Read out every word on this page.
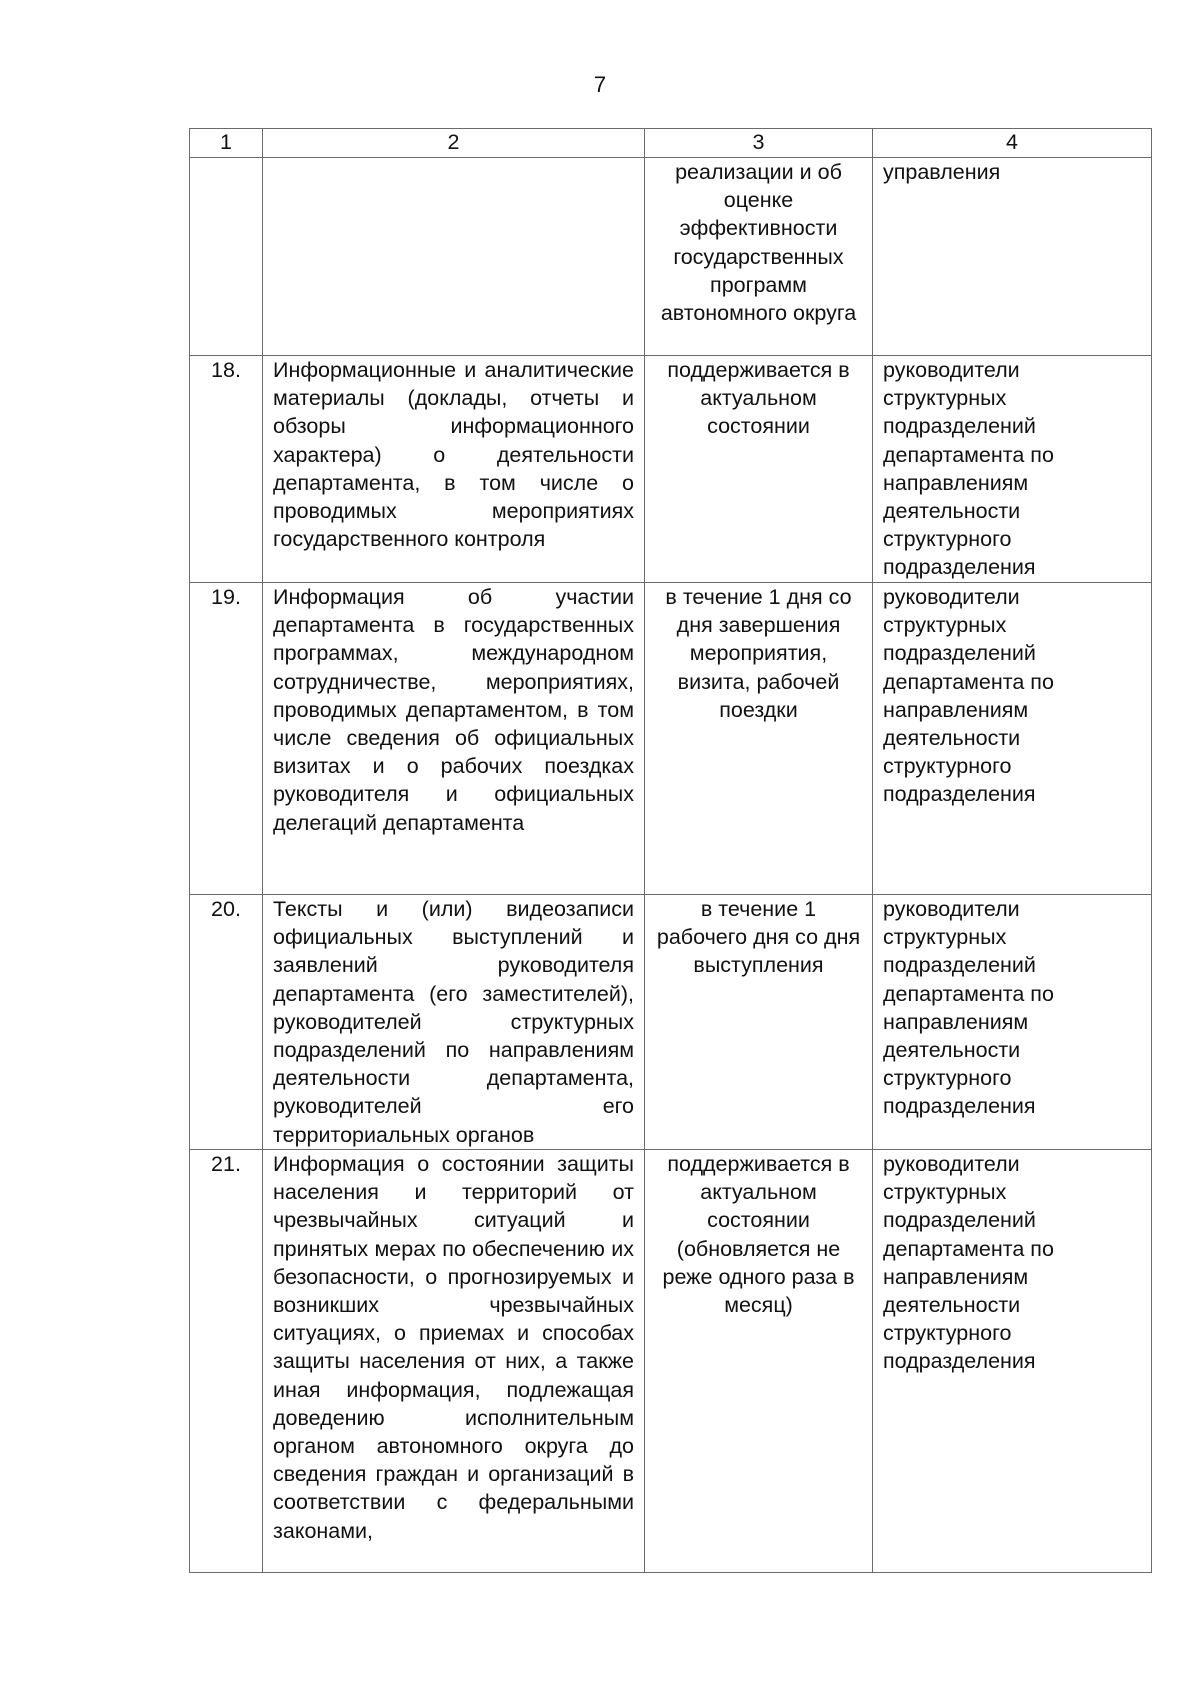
7
1	2	3	4
		реализации и об оценке эффективности государственных программ автономного округа	управления
18.	Информационные и аналитические материалы (доклады, отчеты и обзоры информационного характера) о деятельности департамента, в том числе о проводимых мероприятиях государственного контроля	поддерживается в актуальном состоянии	руководители структурных подразделений департамента по направлениям деятельности структурного подразделения
19.	Информация об участии департамента в государственных программах, международном сотрудничестве, мероприятиях, проводимых департаментом, в том числе сведения об официальных визитах и о рабочих поездках руководителя и официальных делегаций департамента	в течение 1 дня со дня завершения мероприятия, визита, рабочей поездки	руководители структурных подразделений департамента по направлениям деятельности структурного подразделения
20.	Тексты и (или) видеозаписи официальных выступлений и заявлений руководителя департамента (его заместителей), руководителей структурных подразделений по направлениям деятельности департамента, руководителей его территориальных органов	в течение 1 рабочего дня со дня выступления	руководители структурных подразделений департамента по направлениям деятельности структурного подразделения
21.	Информация о состоянии защиты населения и территорий от чрезвычайных ситуаций и принятых мерах по обеспечению их безопасности, о прогнозируемых и возникших чрезвычайных ситуациях, о приемах и способах защиты населения от них, а также иная информация, подлежащая доведению исполнительным органом автономного округа до сведения граждан и организаций в соответствии с федеральными законами,	поддерживается в актуальном состоянии (обновляется не реже одного раза в месяц)	руководители структурных подразделений департамента по направлениям деятельности структурного подразделения
